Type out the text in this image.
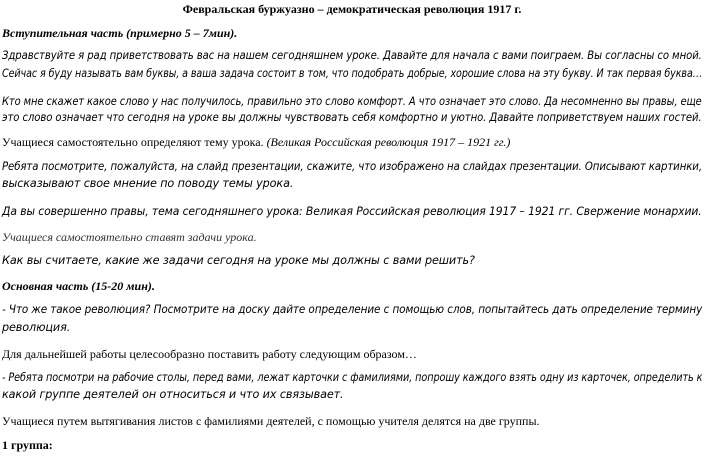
Февральская буржуазно – демократическая революция 1917 г.
Вступительная часть (примерно 5 – 7мин).
Здравствуйте я рад приветствовать вас на нашем сегодняшнем уроке. Давайте для начала с вами поиграем. Вы согласны со мной.
Сейчас я буду называть вам буквы, а ваша задача состоит в том, что подобрать добрые, хорошие слова на эту букву. И так первая буква…
Кто мне скажет какое слово у нас получилось, правильно это слово комфорт. А что означает это слово. Да несомненно вы правы, еще
это слово означает что сегодня на уроке вы должны чувствовать себя комфортно и уютно. Давайте поприветствуем наших гостей.
Учащиеся самостоятельно определяют тему урока. (Великая Российская революция 1917 – 1921 гг.)
Ребята посмотрите, пожалуйста, на слайд презентации, скажите, что изображено на слайдах презентации. Описывают картинки,
высказывают свое мнение по поводу темы урока.
Да вы совершенно правы, тема сегодняшнего урока: Великая Российская революция 1917 – 1921 гг. Свержение монархии.
Учащиеся самостоятельно ставят задачи урока.
Как вы считаете, какие же задачи сегодня на уроке мы должны с вами решить?
Основная часть (15-20 мин).
- Что же такое революция? Посмотрите на доску дайте определение с помощью слов, попытайтесь дать определение термину
революция.
Для дальнейшей работы целесообразно поставить работу следующим образом…
- Ребята посмотри на рабочие столы, перед вами, лежат карточки с фамилиями, попрошу каждого взять одну из карточек, определить к
какой группе деятелей он относиться и что их связывает.
Учащиеся путем вытягивания листов с фамилиями деятелей, с помощью учителя делятся на две группы.
1 группа:
